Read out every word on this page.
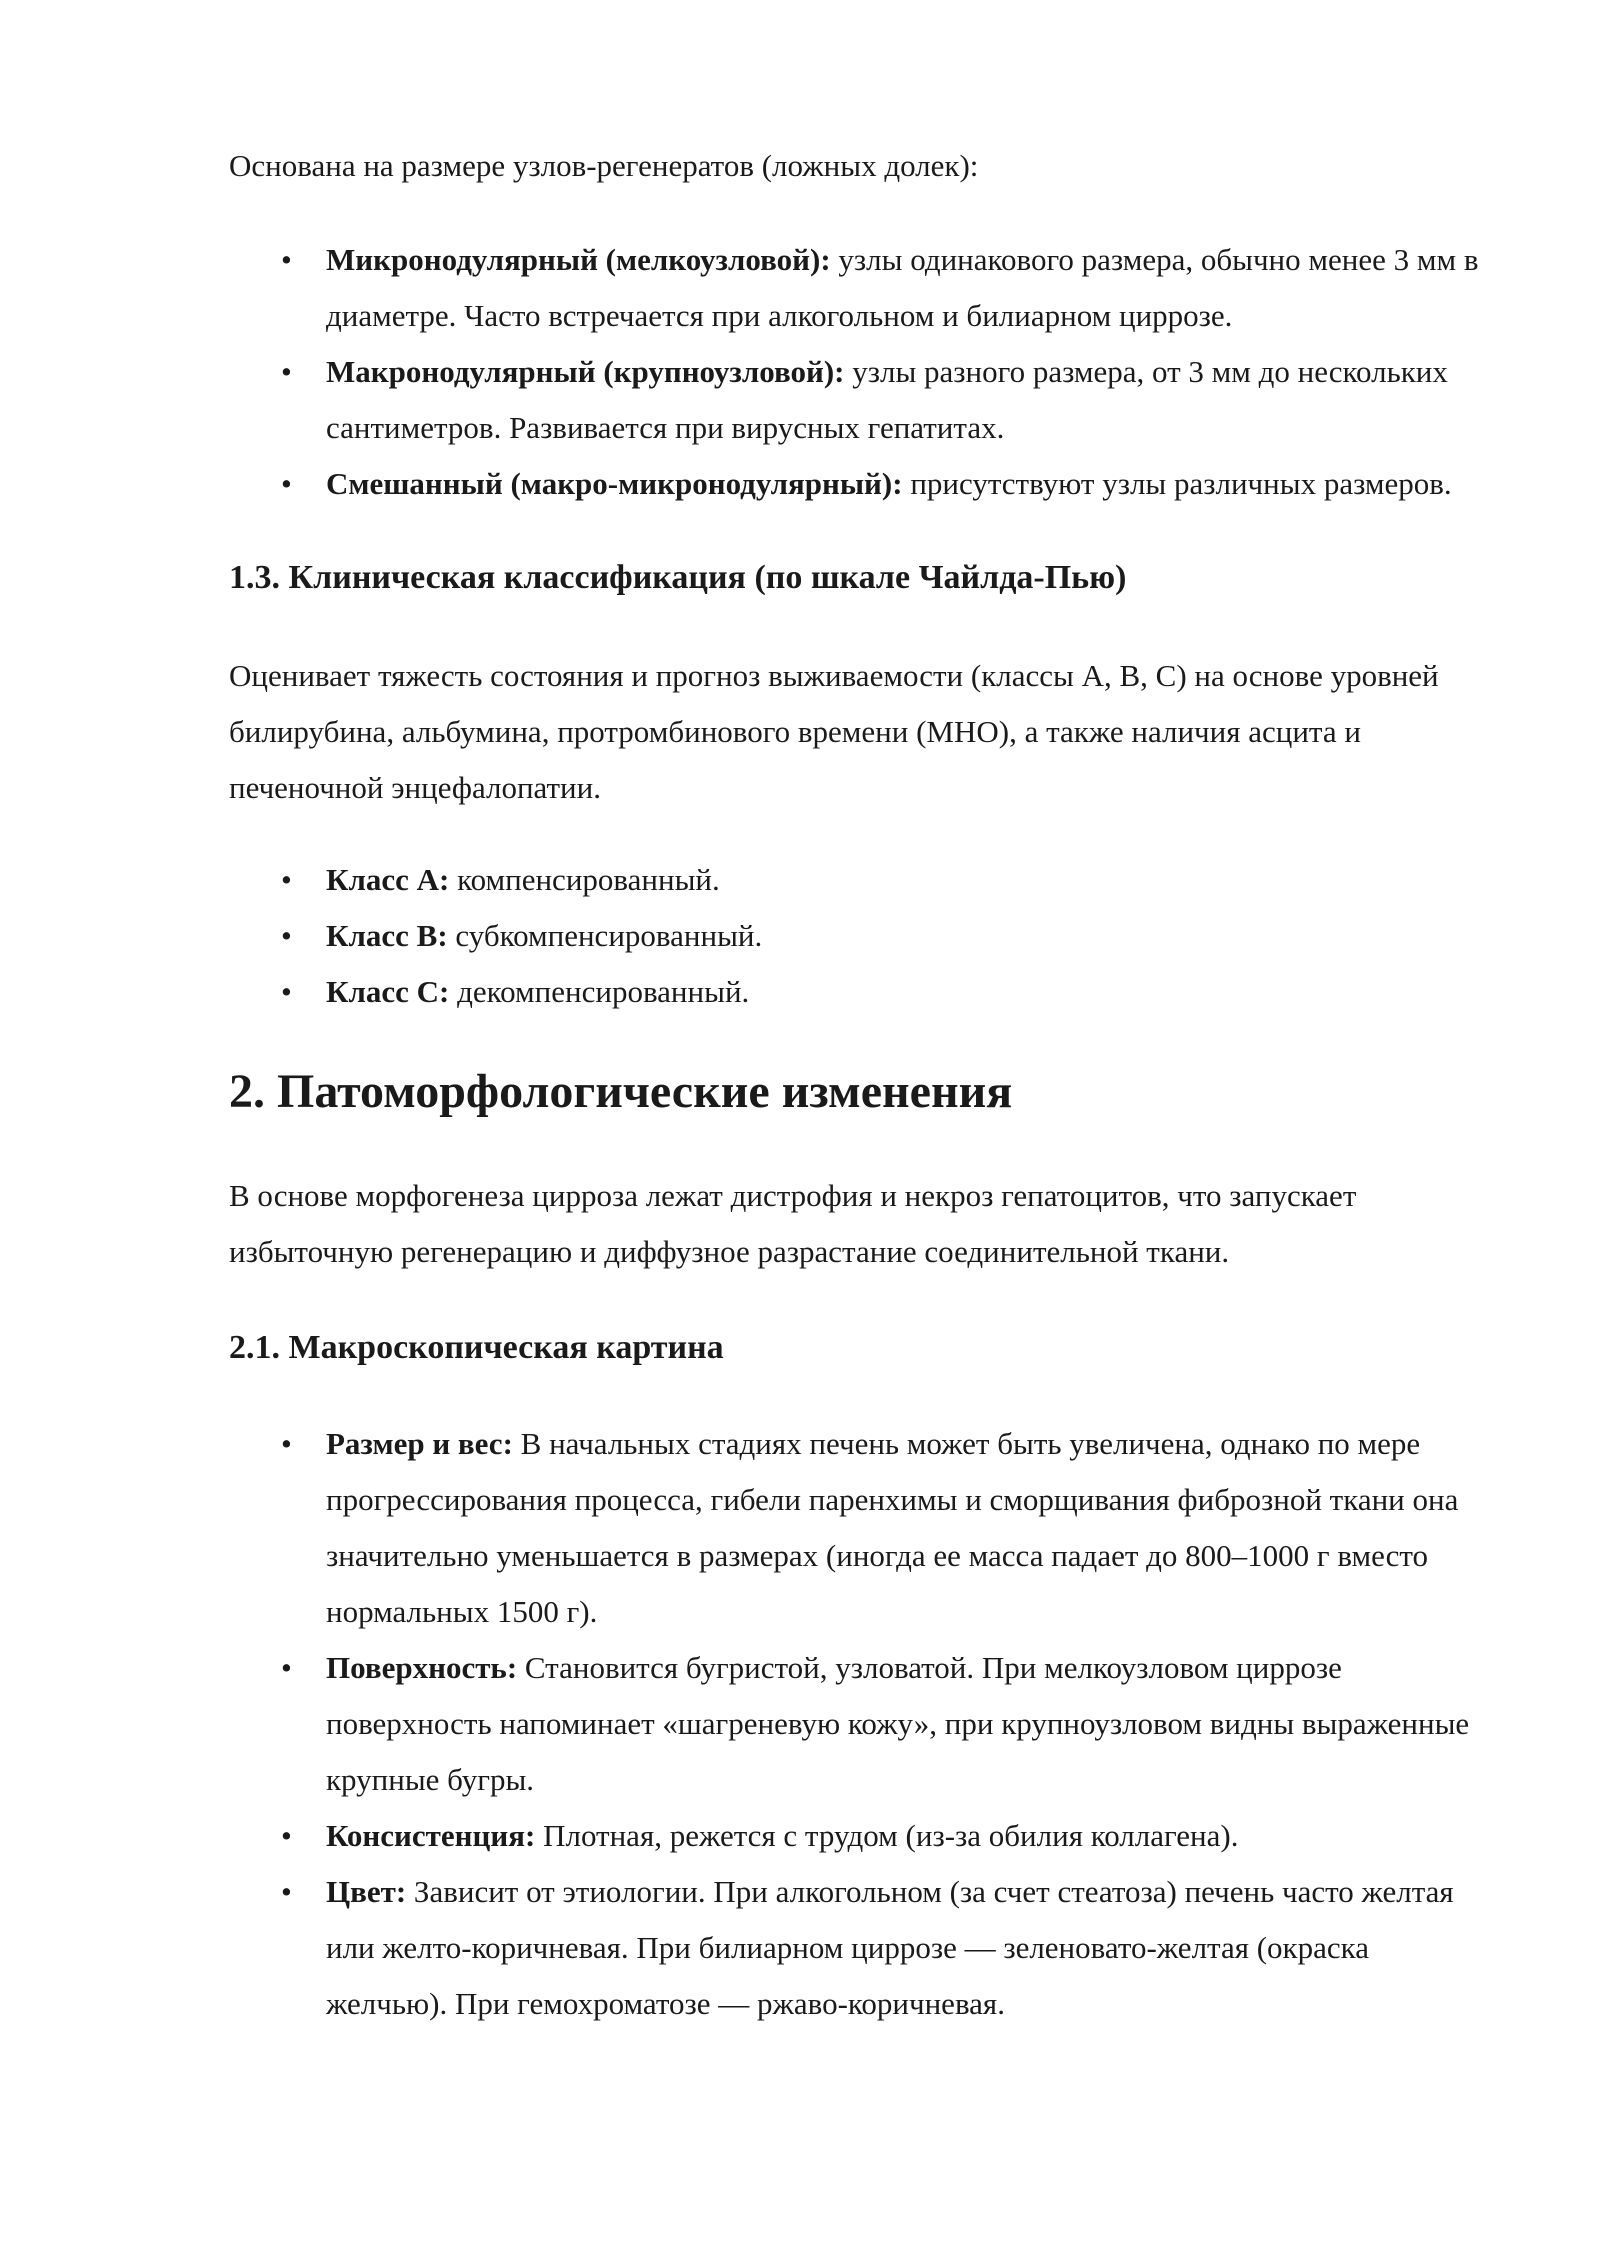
Основана на размере узлов-регенератов (ложных долек):

• Микронодулярный (мелкоузловой): узлы одинакового размера, обычно менее 3 мм в диаметре. Часто встречается при алкогольном и билиарном циррозе.
• Макронодулярный (крупноузловой): узлы разного размера, от 3 мм до нескольких сантиметров. Развивается при вирусных гепатитах.
• Смешанный (макро-микронодулярный): присутствуют узлы различных размеров.
1.3. Клиническая классификация (по шкале Чайлда-Пью)

Оценивает тяжесть состояния и прогноз выживаемости (классы A, B, C) на основе уровней билирубина, альбумина, протромбинового времени (МНО), а также наличия асцита и печеночной энцефалопатии.

• Класс A: компенсированный.
• Класс B: субкомпенсированный.
• Класс C: декомпенсированный.
2. Патоморфологические изменения

В основе морфогенеза цирроза лежат дистрофия и некроз гепатоцитов, что запускает избыточную регенерацию и диффузное разрастание соединительной ткани.

2.1. Макроскопическая картина
• Размер и вес: В начальных стадиях печень может быть увеличена, однако по мере прогрессирования процесса, гибели паренхимы и сморщивания фиброзной ткани она значительно уменьшается в размерах (иногда ее масса падает до 800–1000 г вместо нормальных 1500 г).
• Поверхность: Становится бугристой, узловатой. При мелкоузловом циррозе поверхность напоминает «шагреневую кожу», при крупноузловом видны выраженные крупные бугры.
• Консистенция: Плотная, режется с трудом (из-за обилия коллагена).
• Цвет: Зависит от этиологии. При алкогольном (за счет стеатоза) печень часто желтая или желто-коричневая. При билиарном циррозе — зеленовато-желтая (окраска желчью). При гемохроматозе — ржаво-коричневая.
